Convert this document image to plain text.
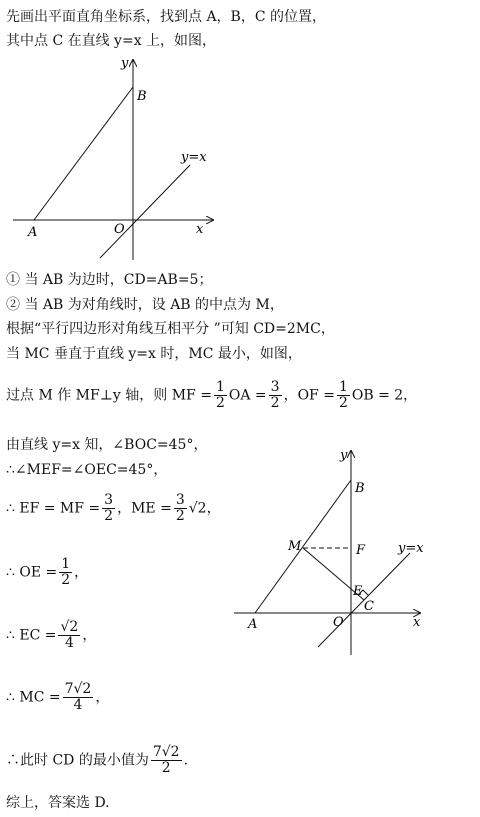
先画出平面直角坐标系，找到点 A，B，C 的位置，
其中点 C 在直线 y=x 上，如图，
y
B
y=x
A	O	x
① 当 AB 为边时，CD=AB=5；
② 当 AB 为对角线时，设 AB 的中点为 M，
根据“平行四边形对角线互相平分 ”可知 CD=2MC，
当 MC 垂直于直线 y=x 时，MC 最小，如图，
过点 M 作 MF⊥y 轴，则 MF = $\frac{1}{2}$ OA = $\frac{3}{2}$ ，OF = $\frac{1}{2}$ OB = 2，
由直线 y=x 知，∠BOC=45°，
∴∠MEF=∠OEC=45°，
∴ EF = MF = $\frac{3}{2}$ ，ME = $\frac{3}{2} √2$，
∴ OE = $\frac{1}{2}$ ，
∴ EC = $\frac{√2}{4}$ ，
∴ MC = $\frac{7√2}{4}$ ，
∴此时 CD 的最小值为 $\frac{7√2}{2}$ .
综上，答案选 D.
y
B
M	F	y=x
E
C
A	O	x
